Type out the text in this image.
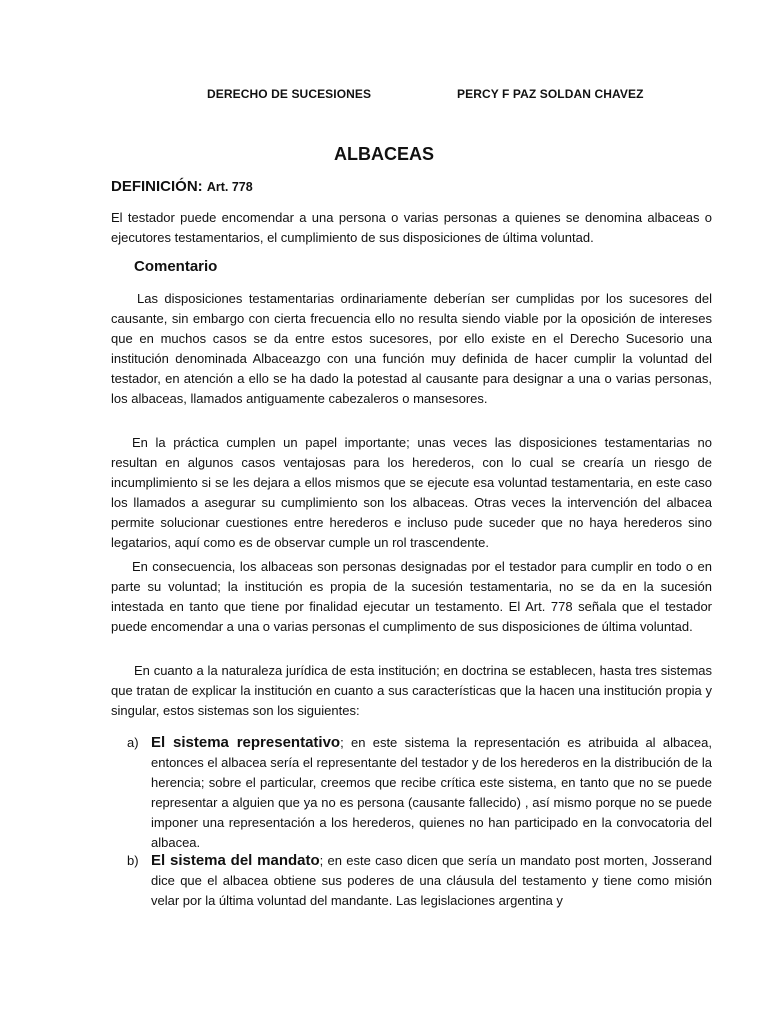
DERECHO DE SUCESIONES	PERCY F PAZ SOLDAN CHAVEZ
ALBACEAS
DEFINICIÓN: Art. 778

El testador puede encomendar a una persona o varias personas a quienes se denomina albaceas o ejecutores testamentarios, el cumplimiento de sus disposiciones de última voluntad.

Comentario

Las disposiciones testamentarias ordinariamente deberían ser cumplidas por los sucesores del causante, sin embargo con cierta frecuencia ello no resulta siendo viable por la oposición de intereses que en muchos casos se da entre estos sucesores, por ello existe en el Derecho Sucesorio una institución denominada Albaceazgo con una función muy definida de hacer cumplir la voluntad del testador, en atención a ello se ha dado la potestad al causante para designar a una o varias personas, los albaceas, llamados antiguamente cabezaleros o mansesores.

En la práctica cumplen un papel importante; unas veces las disposiciones testamentarias no resultan en algunos casos ventajosas para los herederos, con lo cual se crearía un riesgo de incumplimiento si se les dejara a ellos mismos que se ejecute esa voluntad testamentaria, en este caso los llamados a asegurar su cumplimiento son los albaceas. Otras veces la intervención del albacea permite solucionar cuestiones entre herederos e incluso pude suceder que no haya herederos sino legatarios, aquí como es de observar cumple un rol trascendente.

En consecuencia, los albaceas son personas designadas por el testador para cumplir en todo o en parte su voluntad; la institución es propia de la sucesión testamentaria, no se da en la sucesión intestada en tanto que tiene por finalidad ejecutar un testamento. El Art. 778 señala que el testador puede encomendar a una o varias personas el cumplimento de sus disposiciones de última voluntad.

En cuanto a la naturaleza jurídica de esta institución; en doctrina se establecen, hasta tres sistemas que tratan de explicar la institución en cuanto a sus características que la hacen una institución propia y singular, estos sistemas son los siguientes:

a) El sistema representativo; en este sistema la representación es atribuida al albacea, entonces el albacea sería el representante del testador y de los herederos en la distribución de la herencia; sobre el particular, creemos que recibe crítica este sistema, en tanto que no se puede representar a alguien que ya no es persona (causante fallecido) , así mismo porque no se puede imponer una representación a los herederos, quienes no han participado en la convocatoria del albacea.

b) El sistema del mandato; en este caso dicen que sería un mandato post morten, Josserand dice que el albacea obtiene sus poderes de una cláusula del testamento y tiene como misión velar por la última voluntad del mandante. Las legislaciones argentina y
